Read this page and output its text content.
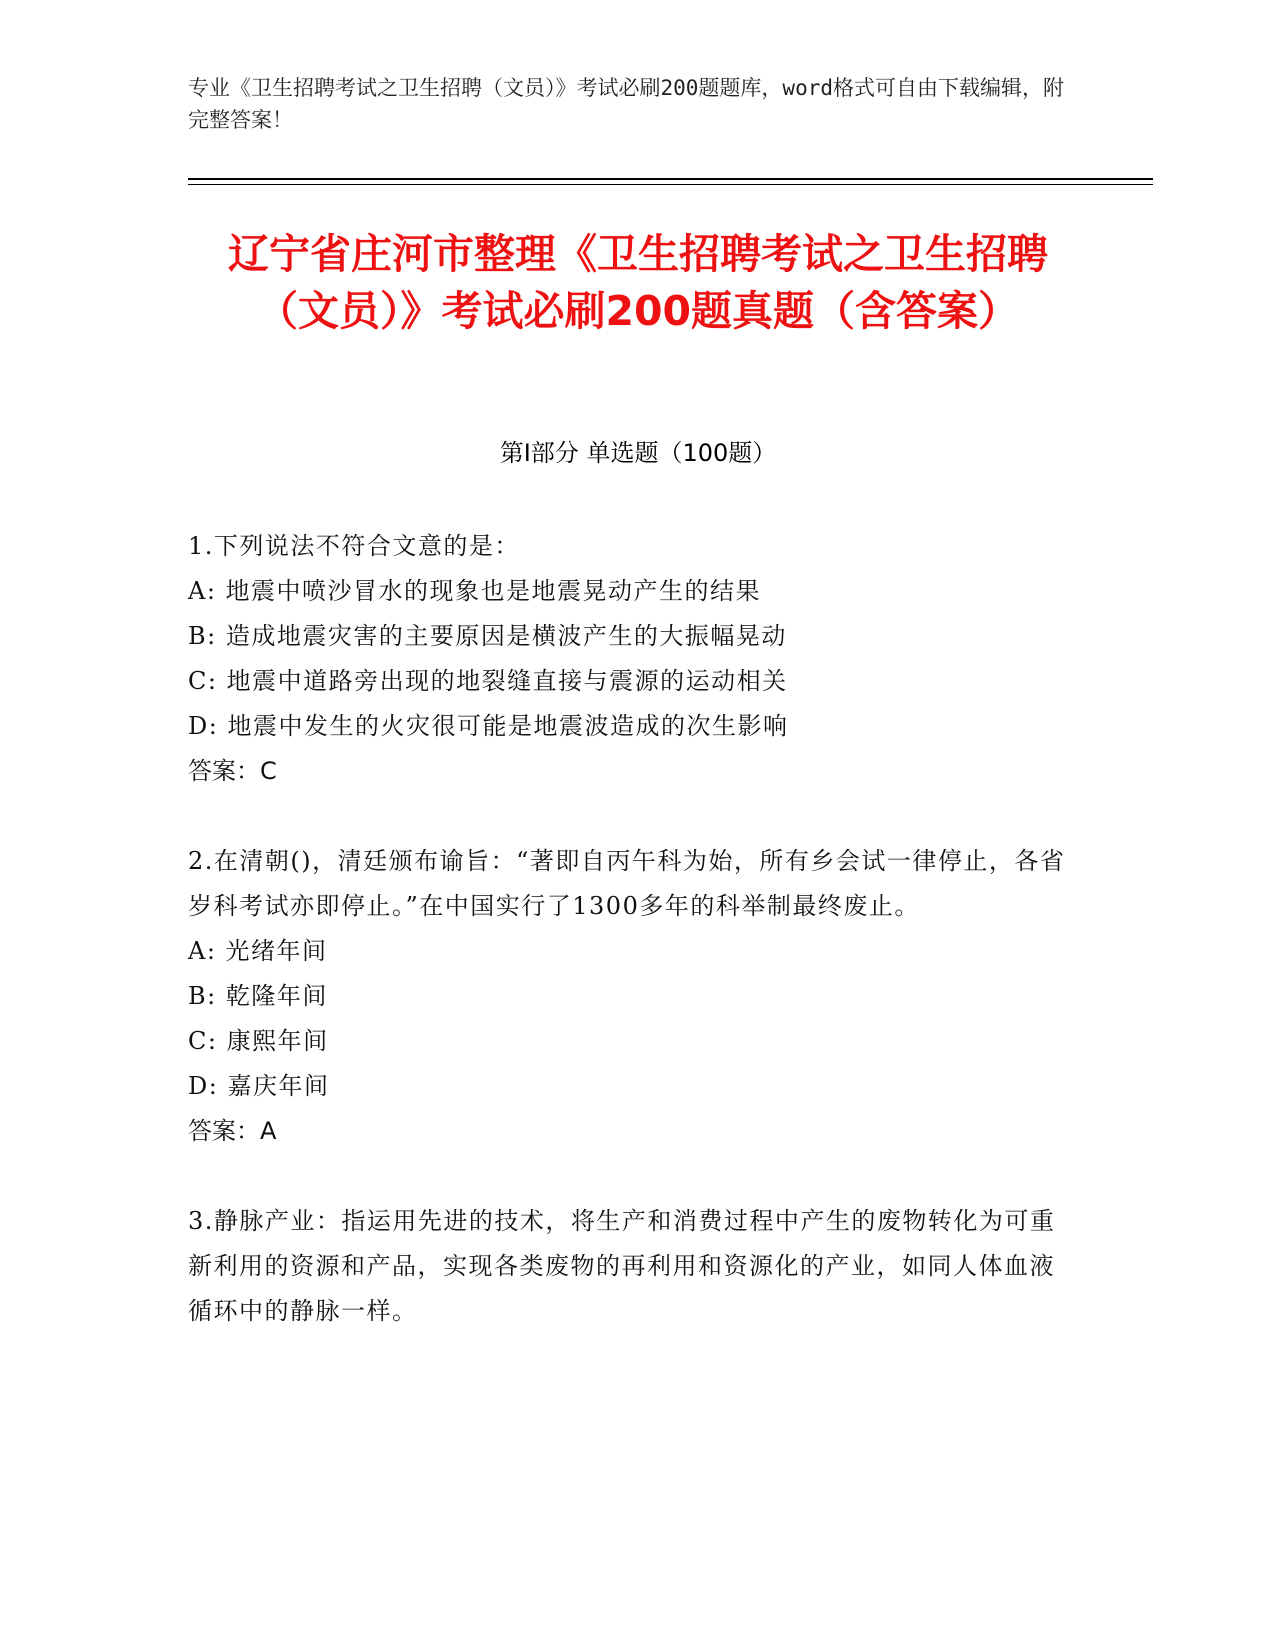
专业《卫生招聘考试之卫生招聘（文员）》考试必刷200题题库，word格式可自由下载编辑，附完整答案！
辽宁省庄河市整理《卫生招聘考试之卫生招聘（文员）》考试必刷200题真题（含答案）
第Ⅰ部分 单选题（100题）

1.下列说法不符合文意的是：

A: 地震中喷沙冒水的现象也是地震晃动产生的结果

B: 造成地震灾害的主要原因是横波产生的大振幅晃动

C: 地震中道路旁出现的地裂缝直接与震源的运动相关

D: 地震中发生的火灾很可能是地震波造成的次生影响

答案：C

2.在清朝()，清廷颁布谕旨：“著即自丙午科为始，所有乡会试一律停止，各省岁科考试亦即停止。”在中国实行了1300多年的科举制最终废止。

A: 光绪年间

B: 乾隆年间

C: 康熙年间

D: 嘉庆年间

答案：A

3.静脉产业：指运用先进的技术，将生产和消费过程中产生的废物转化为可重新利用的资源和产品，实现各类废物的再利用和资源化的产业，如同人体血液循环中的静脉一样。
